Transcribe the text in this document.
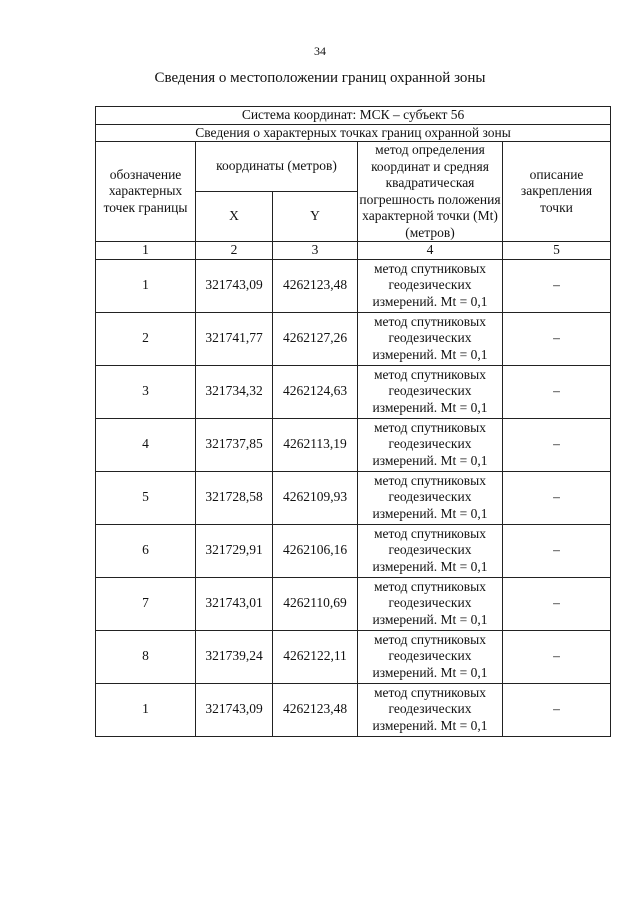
34
Сведения о местоположении границ охранной зоны
Система координат: МСК – субъект 56				
Сведения о характерных точках границ охранной зоны				
обозначение характерных точек границы	координаты (метров)		метод определения координат и средняя квадратическая погрешность положения характерной точки (Mt) (метров)	описание закрепления точки
	X	Y		
1	2	3	4	5
1	321743,09	4262123,48	метод спутниковых геодезических измерений. Mt = 0,1	–
2	321741,77	4262127,26	метод спутниковых геодезических измерений. Mt = 0,1	–
3	321734,32	4262124,63	метод спутниковых геодезических измерений. Mt = 0,1	–
4	321737,85	4262113,19	метод спутниковых геодезических измерений. Mt = 0,1	–
5	321728,58	4262109,93	метод спутниковых геодезических измерений. Mt = 0,1	–
6	321729,91	4262106,16	метод спутниковых геодезических измерений. Mt = 0,1	–
7	321743,01	4262110,69	метод спутниковых геодезических измерений. Mt = 0,1	–
8	321739,24	4262122,11	метод спутниковых геодезических измерений. Mt = 0,1	–
1	321743,09	4262123,48	метод спутниковых геодезических измерений. Mt = 0,1	–
